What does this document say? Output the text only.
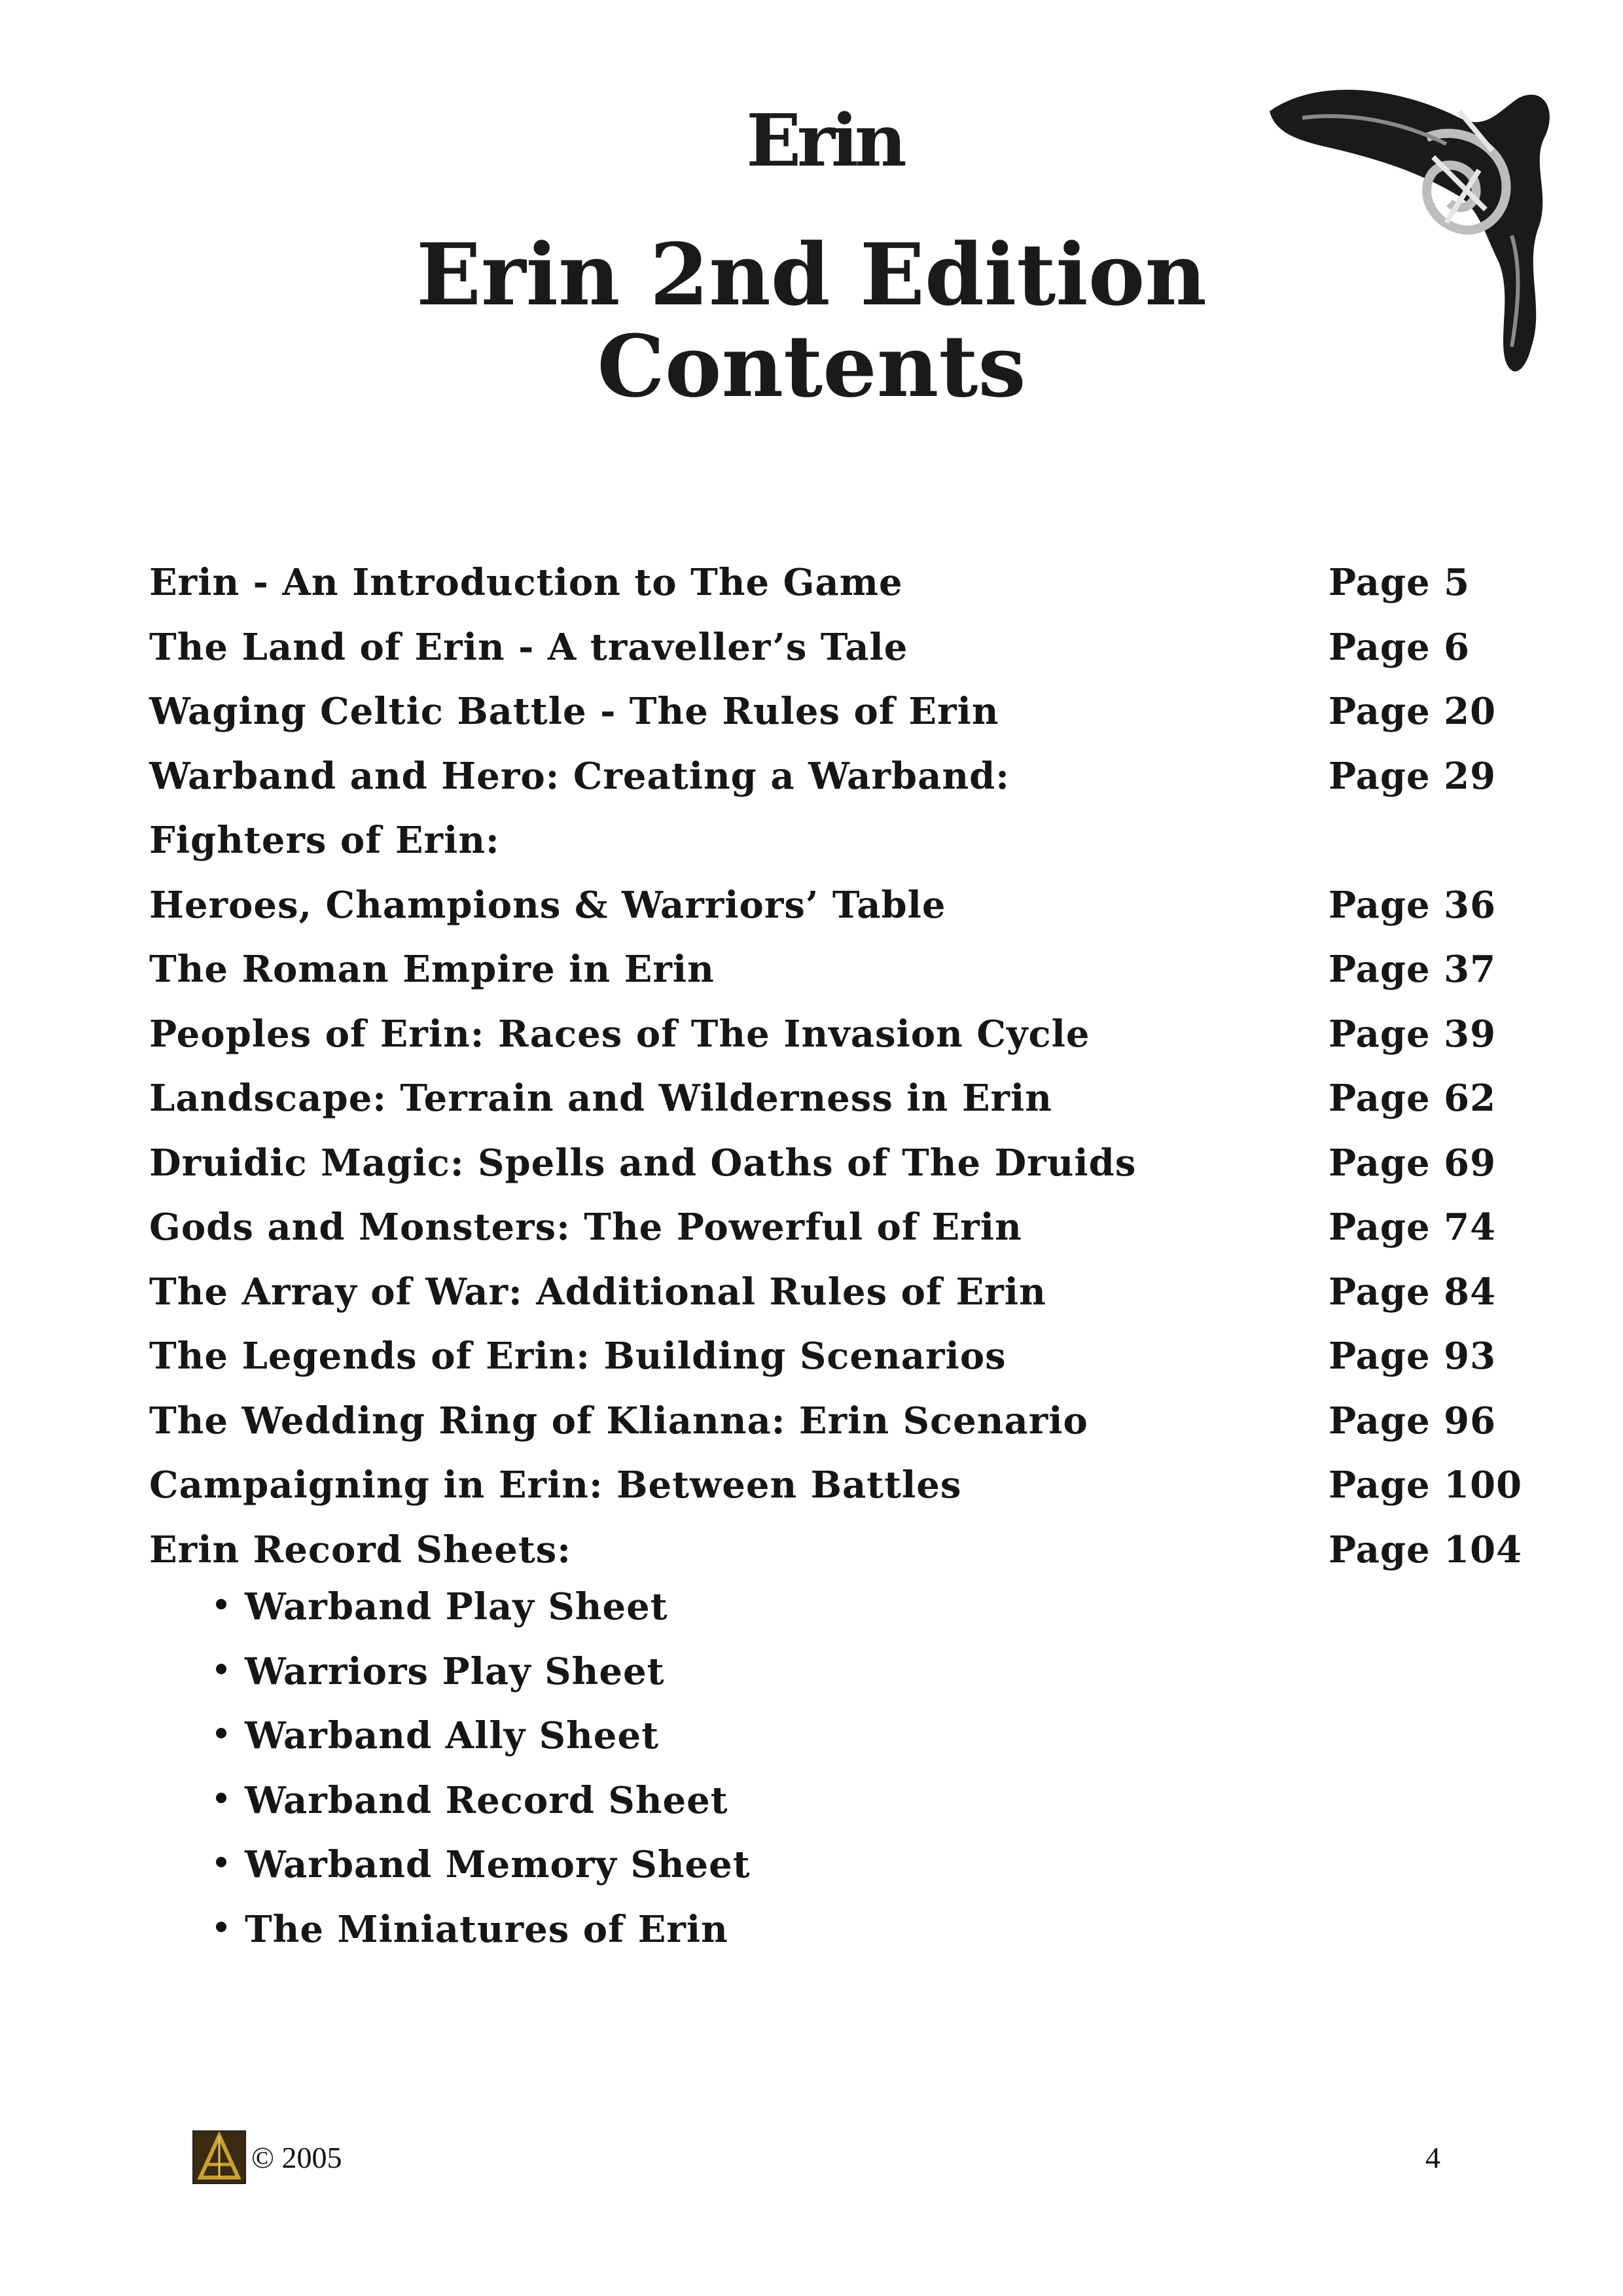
Erin
Erin 2nd Edition
Contents
Erin - An Introduction to The Game	Page 5
The Land of Erin - A traveller’s Tale	Page 6
Waging Celtic Battle - The Rules of Erin	Page 20
Warband and Hero: Creating a Warband:	Page 29
Fighters of Erin:
Heroes, Champions & Warriors’ Table	Page 36
The Roman Empire in Erin	Page 37
Peoples of Erin: Races of The Invasion Cycle	Page 39
Landscape: Terrain and Wilderness in Erin	Page 62
Druidic Magic: Spells and Oaths of The Druids	Page 69
Gods and Monsters: The Powerful of Erin	Page 74
The Array of War: Additional Rules of Erin	Page 84
The Legends of Erin: Building Scenarios	Page 93
The Wedding Ring of Klianna: Erin Scenario	Page 96
Campaigning in Erin: Between Battles	Page 100
Erin Record Sheets:	Page 104
Warband Play Sheet
Warriors Play Sheet
Warband Ally Sheet
Warband Record Sheet
Warband Memory Sheet
The Miniatures of Erin
© 2005	4
